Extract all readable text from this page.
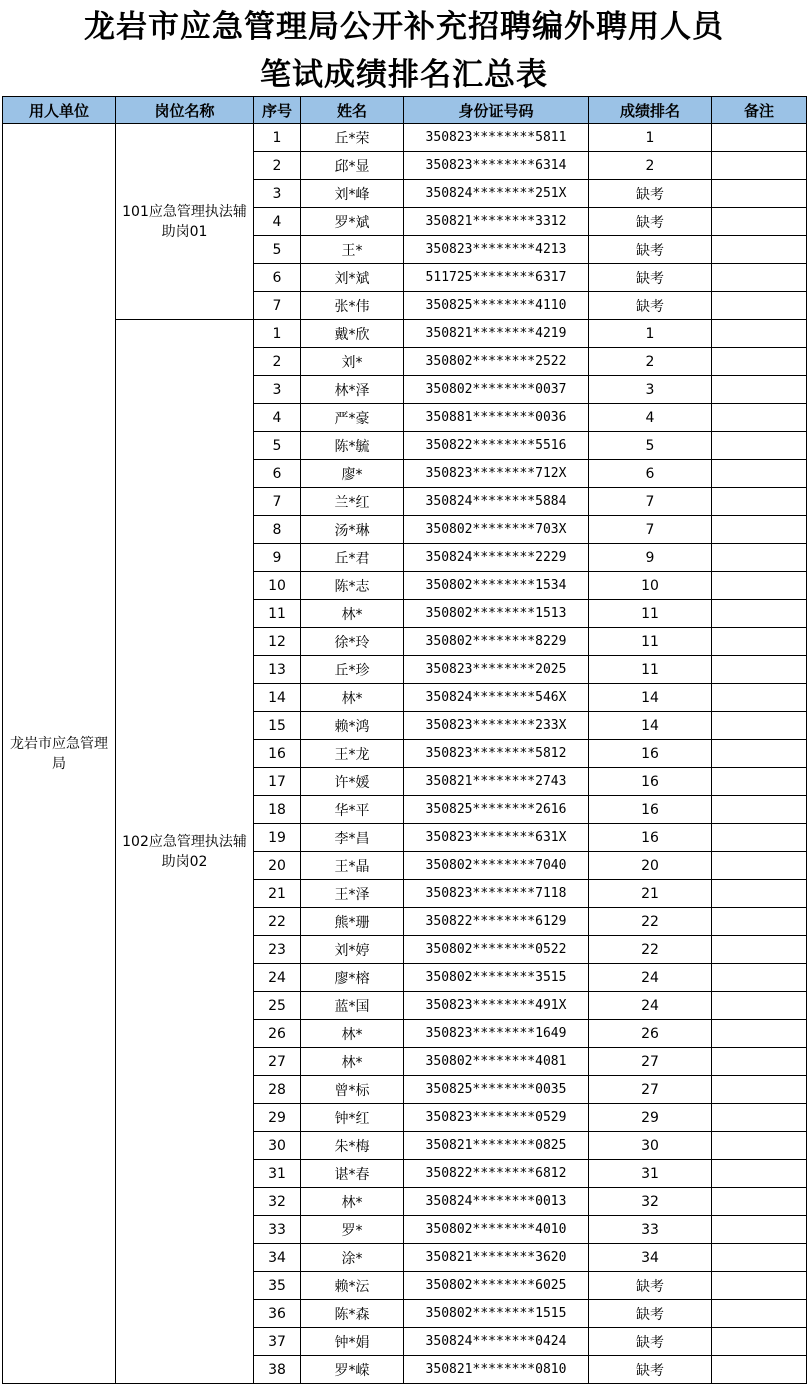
龙岩市应急管理局公开补充招聘编外聘用人员
笔试成绩排名汇总表
用人单位	岗位名称	序号	姓名	身份证号码	成绩排名	备注
龙岩市应急管理局	101应急管理执法辅助岗01	1	丘*荣	350823********5811	1	
		2	邱*显	350823********6314	2	
		3	刘*峰	350824********251X	缺考	
		4	罗*斌	350821********3312	缺考	
		5	王*	350823********4213	缺考	
		6	刘*斌	511725********6317	缺考	
		7	张*伟	350825********4110	缺考	
	102应急管理执法辅助岗02	1	戴*欣	350821********4219	1	
		2	刘*	350802********2522	2	
		3	林*泽	350802********0037	3	
		4	严*豪	350881********0036	4	
		5	陈*毓	350822********5516	5	
		6	廖*	350823********712X	6	
		7	兰*红	350824********5884	7	
		8	汤*琳	350802********703X	7	
		9	丘*君	350824********2229	9	
		10	陈*志	350802********1534	10	
		11	林*	350802********1513	11	
		12	徐*玲	350802********8229	11	
		13	丘*珍	350823********2025	11	
		14	林*	350824********546X	14	
		15	赖*鸿	350823********233X	14	
		16	王*龙	350823********5812	16	
		17	许*媛	350821********2743	16	
		18	华*平	350825********2616	16	
		19	李*昌	350823********631X	16	
		20	王*晶	350802********7040	20	
		21	王*泽	350823********7118	21	
		22	熊*珊	350822********6129	22	
		23	刘*婷	350802********0522	22	
		24	廖*榕	350802********3515	24	
		25	蓝*国	350823********491X	24	
		26	林*	350823********1649	26	
		27	林*	350802********4081	27	
		28	曾*标	350825********0035	27	
		29	钟*红	350823********0529	29	
		30	朱*梅	350821********0825	30	
		31	谌*春	350822********6812	31	
		32	林*	350824********0013	32	
		33	罗*	350802********4010	33	
		34	涂*	350821********3620	34	
		35	赖*沄	350802********6025	缺考	
		36	陈*森	350802********1515	缺考	
		37	钟*娟	350824********0424	缺考	
		38	罗*嵘	350821********0810	缺考	
